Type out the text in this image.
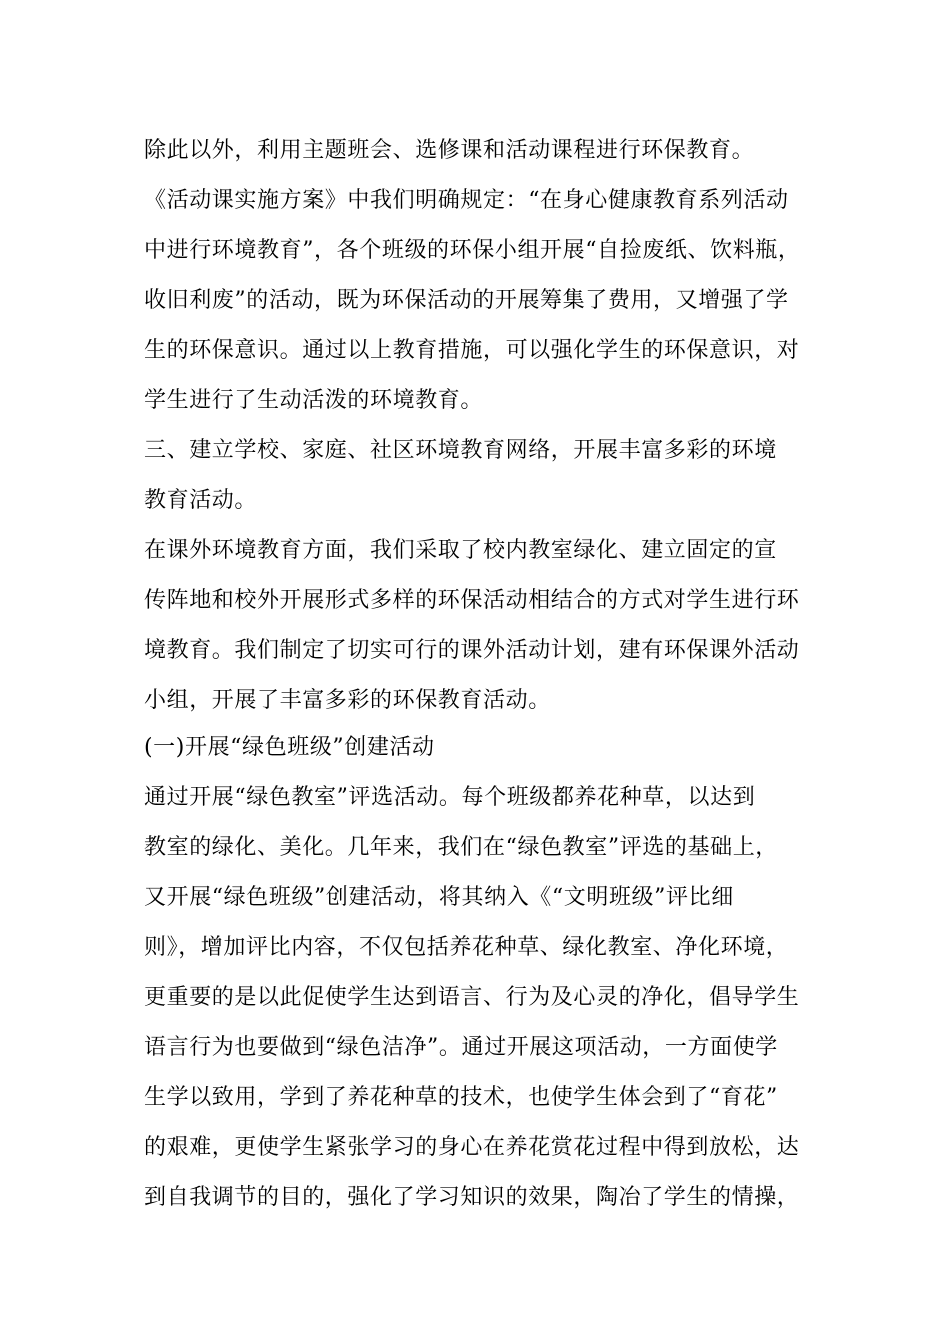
除此以外，利用主题班会、选修课和活动课程进行环保教育。
《活动课实施方案》中我们明确规定：“在身心健康教育系列活动
中进行环境教育”，各个班级的环保小组开展“自捡废纸、饮料瓶，
收旧利废”的活动，既为环保活动的开展筹集了费用，又增强了学
生的环保意识。通过以上教育措施，可以强化学生的环保意识，对
学生进行了生动活泼的环境教育。
三、建立学校、家庭、社区环境教育网络，开展丰富多彩的环境
教育活动。
在课外环境教育方面，我们采取了校内教室绿化、建立固定的宣
传阵地和校外开展形式多样的环保活动相结合的方式对学生进行环
境教育。我们制定了切实可行的课外活动计划，建有环保课外活动
小组，开展了丰富多彩的环保教育活动。
(一)开展“绿色班级”创建活动
通过开展“绿色教室”评选活动。每个班级都养花种草，以达到
教室的绿化、美化。几年来，我们在“绿色教室”评选的基础上，
又开展“绿色班级”创建活动，将其纳入《“文明班级”评比细
则》，增加评比内容，不仅包括养花种草、绿化教室、净化环境，
更重要的是以此促使学生达到语言、行为及心灵的净化，倡导学生
语言行为也要做到“绿色洁净”。通过开展这项活动，一方面使学
生学以致用，学到了养花种草的技术，也使学生体会到了“育花”
的艰难，更使学生紧张学习的身心在养花赏花过程中得到放松，达
到自我调节的目的，强化了学习知识的效果，陶冶了学生的情操，
